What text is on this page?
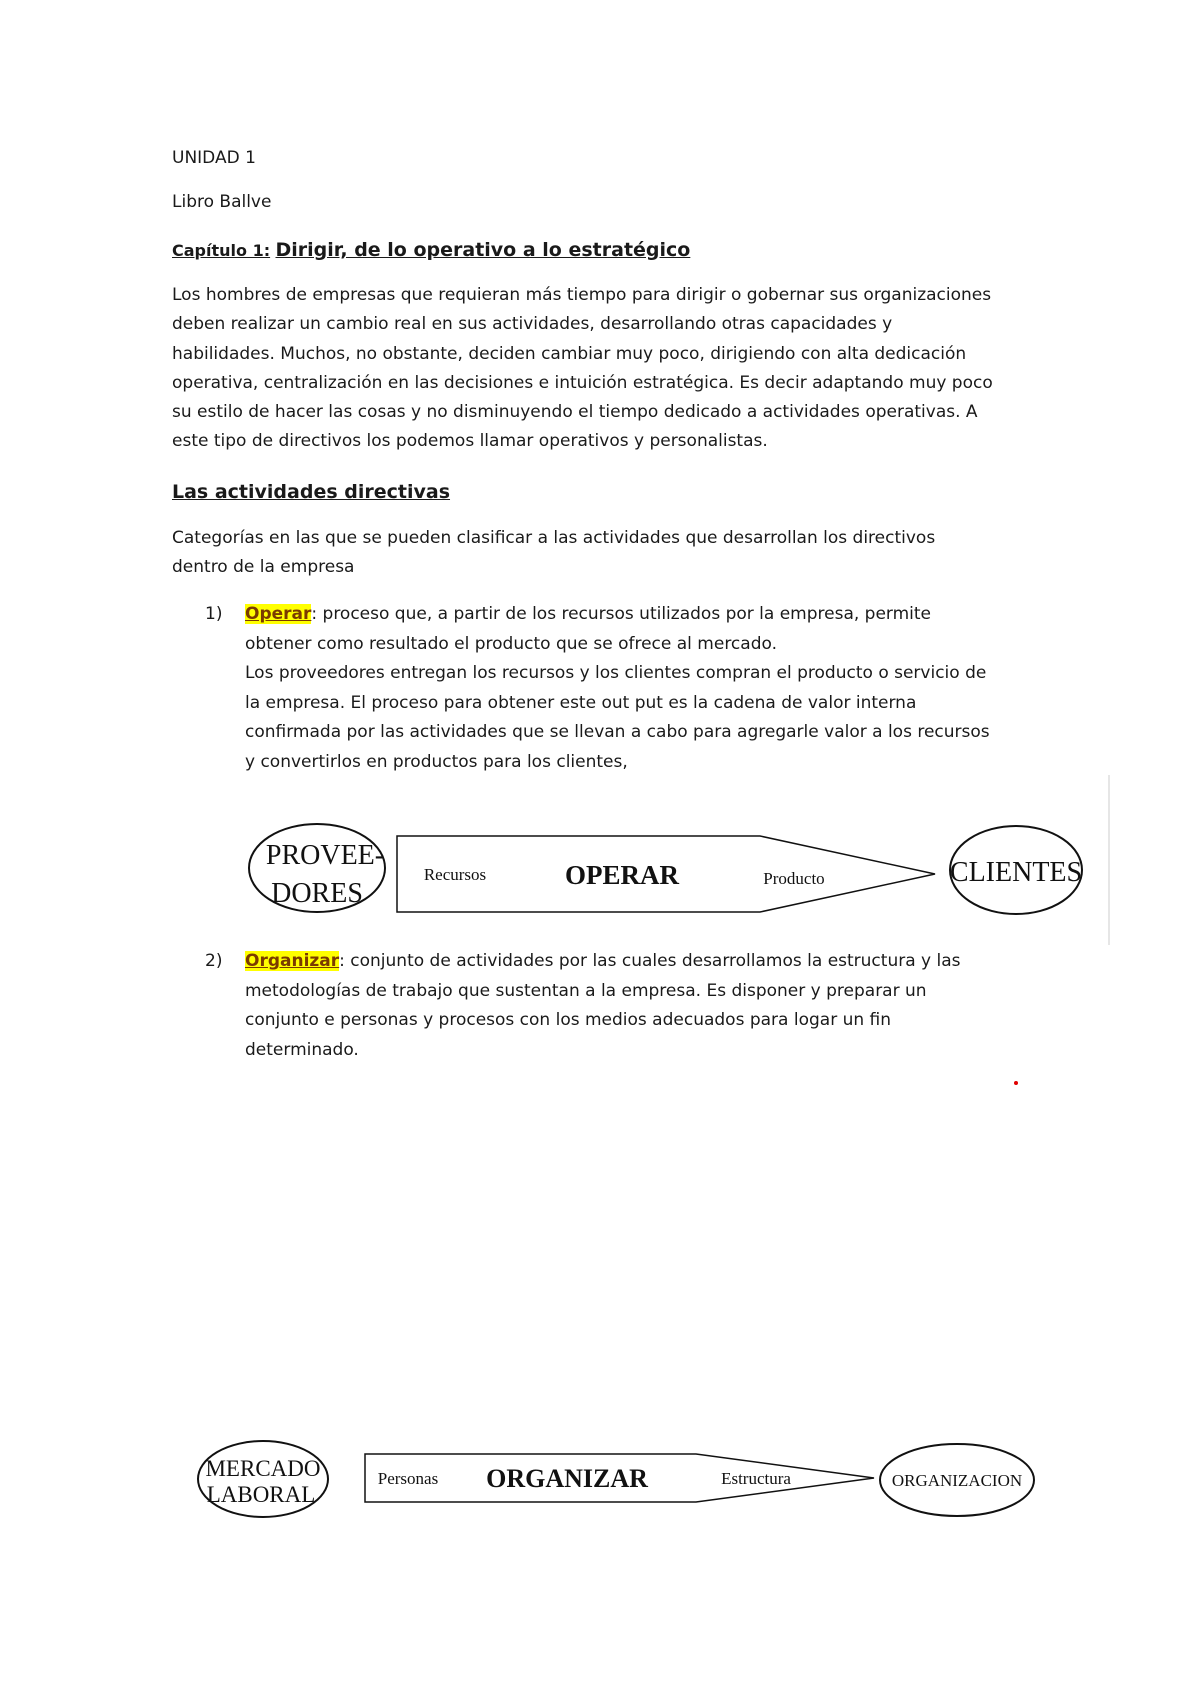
UNIDAD 1

Libro Ballve

Capítulo 1: Dirigir, de lo operativo a lo estratégico

Los hombres de empresas que requieran más tiempo para dirigir o gobernar sus organizaciones
deben realizar un cambio real en sus actividades, desarrollando otras capacidades y
habilidades. Muchos, no obstante, deciden cambiar muy poco, dirigiendo con alta dedicación
operativa, centralización en las decisiones e intuición estratégica. Es decir adaptando muy poco
su estilo de hacer las cosas y no disminuyendo el tiempo dedicado a actividades operativas. A
este tipo de directivos los podemos llamar operativos y personalistas.

Las actividades directivas

Categorías en las que se pueden clasificar a las actividades que desarrollan los directivos
dentro de la empresa
1) Operar: proceso que, a partir de los recursos utilizados por la empresa, permite
obtener como resultado el producto que se ofrece al mercado.
Los proveedores entregan los recursos y los clientes compran el producto o servicio de
la empresa. El proceso para obtener este out put es la cadena de valor interna
confirmada por las actividades que se llevan a cabo para agregarle valor a los recursos
y convertirlos en productos para los clientes,
PROVEE-
DORES
Recursos	OPERAR	Producto	CLIENTES
2) Organizar: conjunto de actividades por las cuales desarrollamos la estructura y las
metodologías de trabajo que sustentan a la empresa. Es disponer y preparar un
conjunto e personas y procesos con los medios adecuados para logar un fin
determinado.
MERCADO
LABORAL
Personas ORGANIZAR	Estructura	ORGANIZACION
